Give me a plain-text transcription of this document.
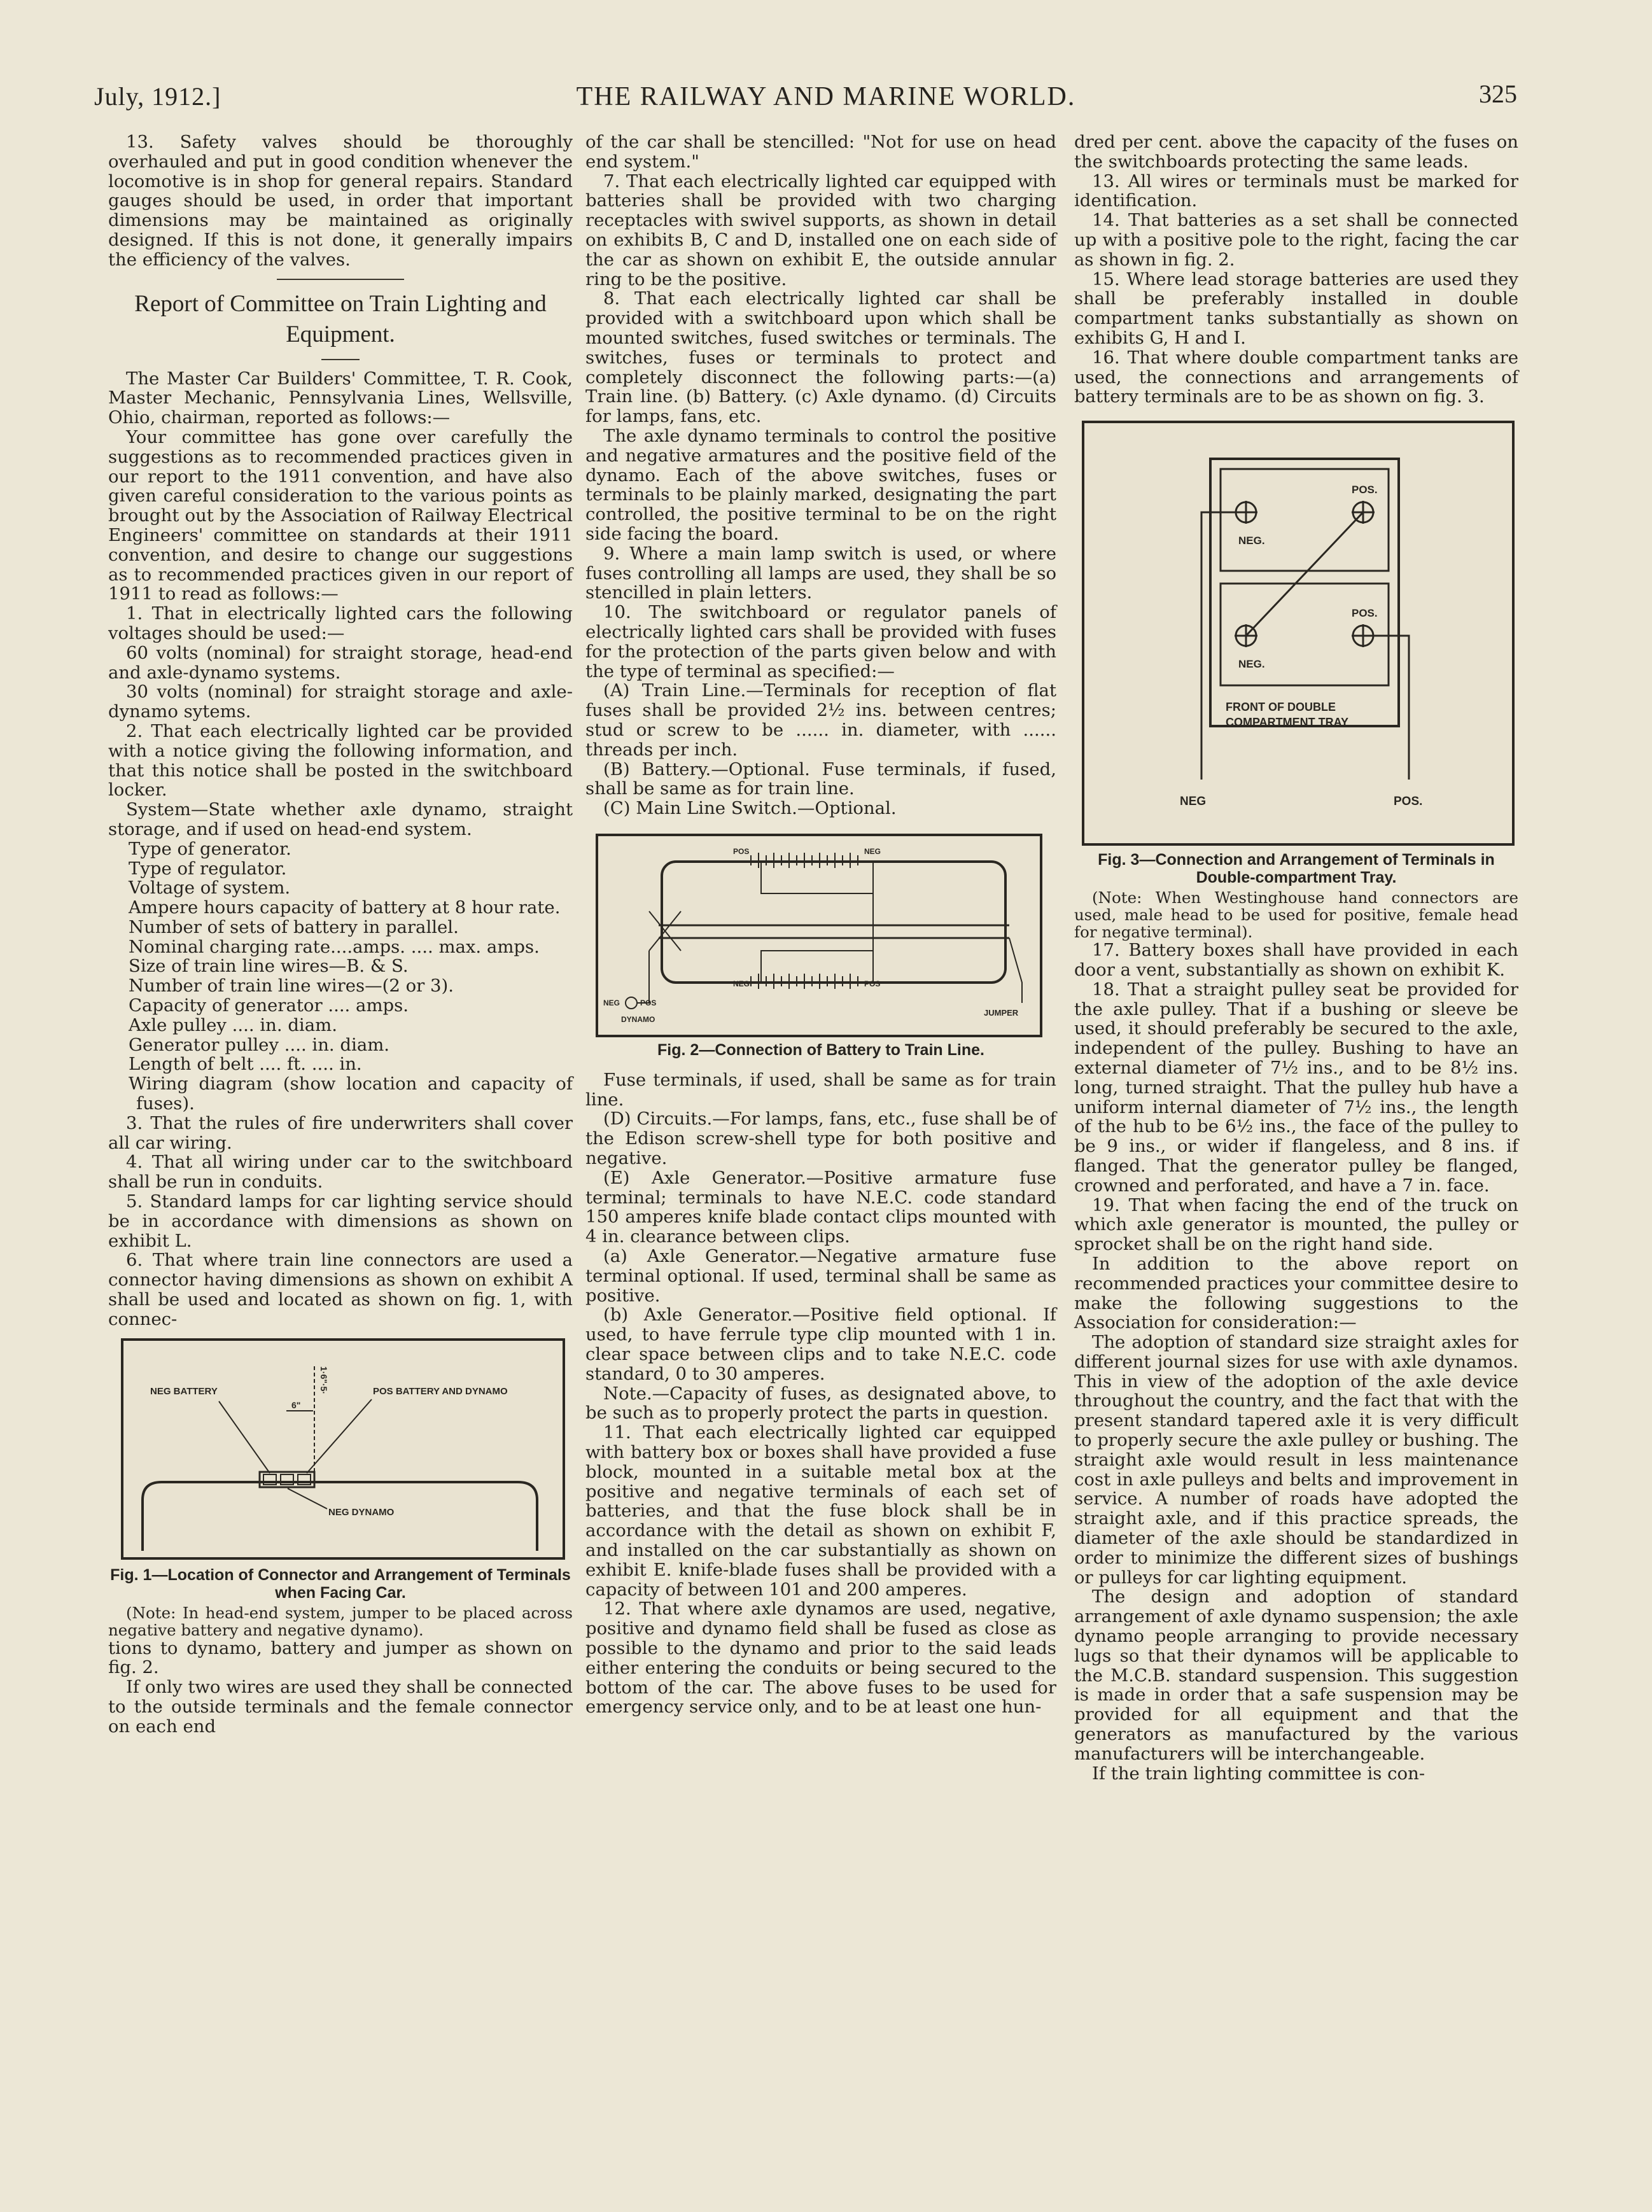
July, 1912.]	THE RAILWAY AND MARINE WORLD.	325

13. Safety valves should be thoroughly overhauled and put in good condition whenever the locomotive is in shop for general repairs. Standard gauges should be used, in order that important dimensions may be maintained as originally designed. If this is not done, it generally impairs the efficiency of the valves.

Report of Committee on Train Lighting and Equipment.

The Master Car Builders' Committee, T. R. Cook, Master Mechanic, Pennsylvania Lines, Wellsville, Ohio, chairman, reported as follows:—

Your committee has gone over carefully the suggestions as to recommended practices given in our report to the 1911 convention, and have also given careful consideration to the various points as brought out by the Association of Railway Electrical Engineers' committee on standards at their 1911 convention, and desire to change our suggestions as to recommended practices given in our report of 1911 to read as follows:—

1. That in electrically lighted cars the following voltages should be used:—

60 volts (nominal) for straight storage, head-end and axle-dynamo systems.

30 volts (nominal) for straight storage and axle-dynamo sytems.

2. That each electrically lighted car be provided with a notice giving the following information, and that this notice shall be posted in the switchboard locker.

System—State whether axle dynamo, straight storage, and if used on head-end system.

Type of generator.

Type of regulator.

Voltage of system.

Ampere hours capacity of battery at 8 hour rate.

Number of sets of battery in parallel.

Nominal charging rate....amps. .... max. amps.

Size of train line wires—B. & S.

Number of train line wires—(2 or 3).

Capacity of generator .... amps.

Axle pulley .... in. diam.

Generator pulley .... in. diam.

Length of belt .... ft. .... in.

Wiring diagram (show location and capacity of fuses).

3. That the rules of fire underwriters shall cover all car wiring.

4. That all wiring under car to the switchboard shall be run in conduits.

5. Standard lamps for car lighting service should be in accordance with dimensions as shown on exhibit L.

6. That where train line connectors are used a connector having dimensions as shown on exhibit A shall be used and located as shown on fig. 1, with connec-

NEG BATTERY	POS BATTERY AND DYNAMO
NEG DYNAMO
1·6"·5·
6"
Fig. 1—Location of Connector and Arrangement of Terminals when Facing Car.

(Note: In head-end system, jumper to be placed across negative battery and negative dynamo).

tions to dynamo, battery and jumper as shown on fig. 2.

If only two wires are used they shall be connected to the outside terminals and the female connector on each end

of the car shall be stencilled: "Not for use on head end system."

7. That each electrically lighted car equipped with batteries shall be provided with two charging receptacles with swivel supports, as shown in detail on exhibits B, C and D, installed one on each side of the car as shown on exhibit E, the outside annular ring to be the positive.

8. That each electrically lighted car shall be provided with a switchboard upon which shall be mounted switches, fused switches or terminals. The switches, fuses or terminals to protect and completely disconnect the following parts:—(a) Train line. (b) Battery. (c) Axle dynamo. (d) Circuits for lamps, fans, etc.

The axle dynamo terminals to control the positive and negative armatures and the positive field of the dynamo. Each of the above switches, fuses or terminals to be plainly marked, designating the part controlled, the positive terminal to be on the right side facing the board.

9. Where a main lamp switch is used, or where fuses controlling all lamps are used, they shall be so stencilled in plain letters.

10. The switchboard or regulator panels of electrically lighted cars shall be provided with fuses for the protection of the parts given below and with the type of terminal as specified:—

(A) Train Line.—Terminals for reception of flat fuses shall be provided 2½ ins. between centres; stud or screw to be ...... in. diameter, with ...... threads per inch.

(B) Battery.—Optional. Fuse terminals, if fused, shall be same as for train line.

(C) Main Line Switch.—Optional.

POS	NEG
NEG	POS
NEG	POS
DYNAMO
JUMPER
Fig. 2—Connection of Battery to Train Line.

Fuse terminals, if used, shall be same as for train line.

(D) Circuits.—For lamps, fans, etc., fuse shall be of the Edison screw-shell type for both positive and negative.

(E) Axle Generator.—Positive armature fuse terminal; terminals to have N.E.C. code standard 150 amperes knife blade contact clips mounted with 4 in. clearance between clips.

(a) Axle Generator.—Negative armature fuse terminal optional. If used, terminal shall be same as positive.

(b) Axle Generator.—Positive field optional. If used, to have ferrule type clip mounted with 1 in. clear space between clips and to take N.E.C. code standard, 0 to 30 amperes.

Note.—Capacity of fuses, as designated above, to be such as to properly protect the parts in question.

11. That each electrically lighted car equipped with battery box or boxes shall have provided a fuse block, mounted in a suitable metal box at the positive and negative terminals of each set of batteries, and that the fuse block shall be in accordance with the detail as shown on exhibit F, and installed on the car substantially as shown on exhibit E. knife-blade fuses shall be provided with a capacity of between 101 and 200 amperes.

12. That where axle dynamos are used, negative, positive and dynamo field shall be fused as close as possible to the dynamo and prior to the said leads either entering the conduits or being secured to the bottom of the car. The above fuses to be used for emergency service only, and to be at least one hun-

dred per cent. above the capacity of the fuses on the switchboards protecting the same leads.

13. All wires or terminals must be marked for identification.

14. That batteries as a set shall be connected up with a positive pole to the right, facing the car as shown in fig. 2.

15. Where lead storage batteries are used they shall be preferably installed in double compartment tanks substantially as shown on exhibits G, H and I.

16. That where double compartment tanks are used, the connections and arrangements of battery terminals are to be as shown on fig. 3.

NEG.
POS.
NEG.
POS.
FRONT OF DOUBLE
COMPARTMENT TRAY
NEG	POS.
Fig. 3—Connection and Arrangement of Terminals in Double-compartment Tray.

(Note: When Westinghouse hand connectors are used, male head to be used for positive, female head for negative terminal).

17. Battery boxes shall have provided in each door a vent, substantially as shown on exhibit K.

18. That a straight pulley seat be provided for the axle pulley. That if a bushing or sleeve be used, it should preferably be secured to the axle, independent of the pulley. Bushing to have an external diameter of 7½ ins., and to be 8½ ins. long, turned straight. That the pulley hub have a uniform internal diameter of 7½ ins., the length of the hub to be 6½ ins., the face of the pulley to be 9 ins., or wider if flangeless, and 8 ins. if flanged. That the generator pulley be flanged, crowned and perforated, and have a 7 in. face.

19. That when facing the end of the truck on which axle generator is mounted, the pulley or sprocket shall be on the right hand side.

In addition to the above report on recommended practices your committee desire to make the following suggestions to the Association for consideration:—

The adoption of standard size straight axles for different journal sizes for use with axle dynamos. This in view of the adoption of the axle device throughout the country, and the fact that with the present standard tapered axle it is very difficult to properly secure the axle pulley or bushing. The straight axle would result in less maintenance cost in axle pulleys and belts and improvement in service. A number of roads have adopted the straight axle, and if this practice spreads, the diameter of the axle should be standardized in order to minimize the different sizes of bushings or pulleys for car lighting equipment.

The design and adoption of standard arrangement of axle dynamo suspension; the axle dynamo people arranging to provide necessary lugs so that their dynamos will be applicable to the M.C.B. standard suspension. This suggestion is made in order that a safe suspension may be provided for all equipment and that the generators as manufactured by the various manufacturers will be interchangeable.

If the train lighting committee is con-
